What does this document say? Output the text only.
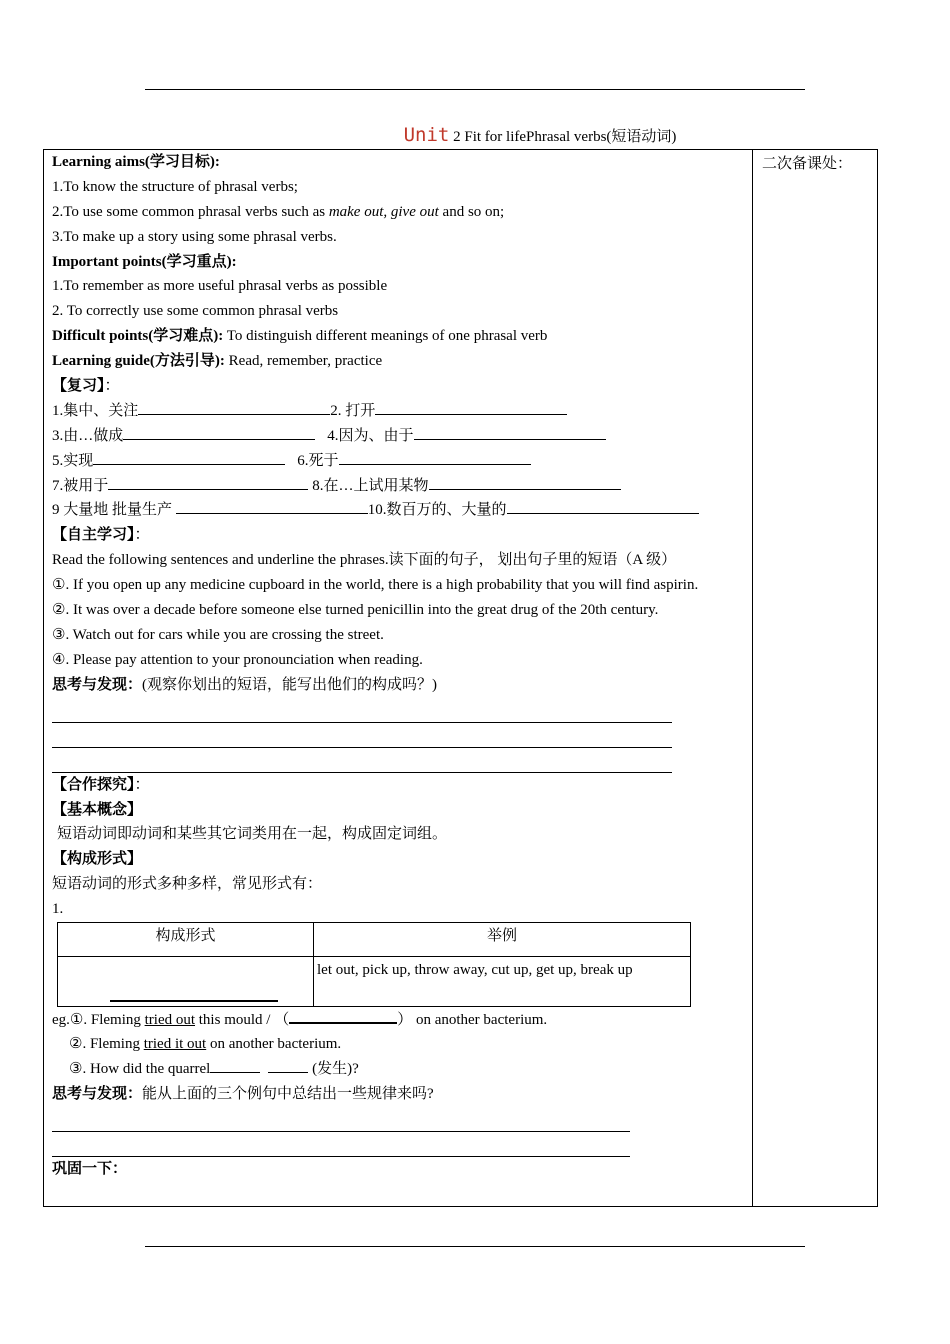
Unit 2 Fit for lifePhrasal verbs(短语动词)
二次备课处：
Learning aims(学习目标):
1.To know the structure of phrasal verbs;
2.To use some common phrasal verbs such as make out, give out and so on;
3.To make up a story using some phrasal verbs.
Important points(学习重点):
1.To remember as more useful phrasal verbs as possible
2. To correctly use some common phrasal verbs
Difficult points(学习难点): To distinguish different meanings of one phrasal verb
Learning guide(方法引导): Read, remember, practice
【复习】：
1.集中、关注	2. 打开
3.由…做成	4.因为、由于
5.实现	6.死于
7.被用于	8.在…上试用某物
9 大量地 批量生产	10.数百万的、大量的
【自主学习】：
Read the following sentences and underline the phrases.读下面的句子， 划出句子里的短语（A 级）
①. If you open up any medicine cupboard in the world, there is a high probability that you will find aspirin.
②. It was over a decade before someone else turned penicillin into the great drug of the 20th century.
③. Watch out for cars while you are crossing the street.
④. Please pay attention to your pronounciation when reading.
思考与发现：(观察你划出的短语，能写出他们的构成吗？)
【合作探究】：
【基本概念】
短语动词即动词和某些其它词类用在一起，构成固定词组。
【构成形式】
短语动词的形式多种多样，常见形式有：
1.
构成形式	举例

	let out, pick up, throw away, cut up, get up, break up
eg.①. Fleming tried out this mould / （	） on another bacterium.
②. Fleming tried it out on another bacterium.
③. How did the quarrel	(发生)?
思考与发现：能从上面的三个例句中总结出一些规律来吗?
巩固一下：
